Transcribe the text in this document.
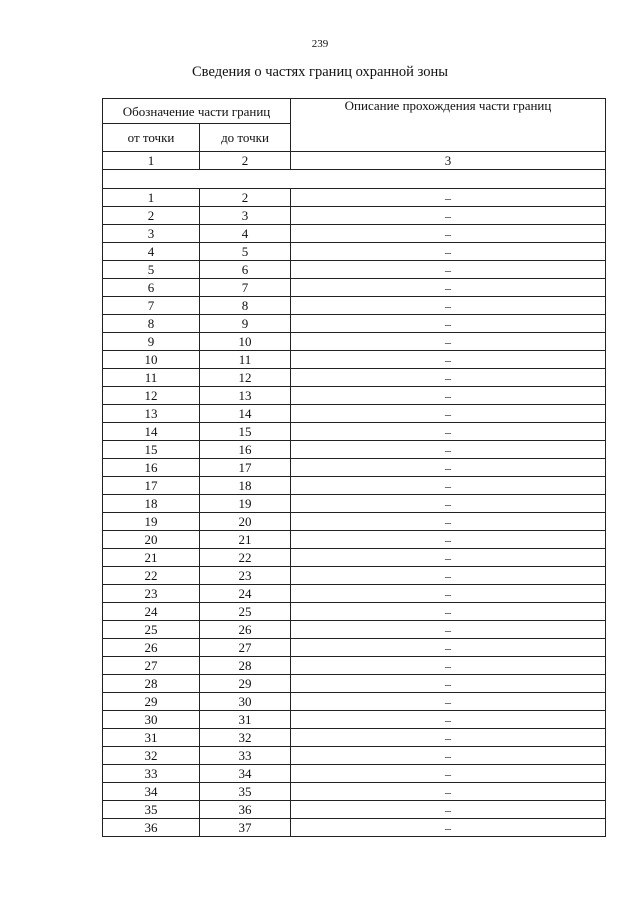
239
Сведения о частях границ охранной зоны
Обозначение части границ		Описание прохождения части границ
от точки	до точки	
1	2	3

1	2	–
2	3	–
3	4	–
4	5	–
5	6	–
6	7	–
7	8	–
8	9	–
9	10	–
10	11	–
11	12	–
12	13	–
13	14	–
14	15	–
15	16	–
16	17	–
17	18	–
18	19	–
19	20	–
20	21	–
21	22	–
22	23	–
23	24	–
24	25	–
25	26	–
26	27	–
27	28	–
28	29	–
29	30	–
30	31	–
31	32	–
32	33	–
33	34	–
34	35	–
35	36	–
36	37	–
